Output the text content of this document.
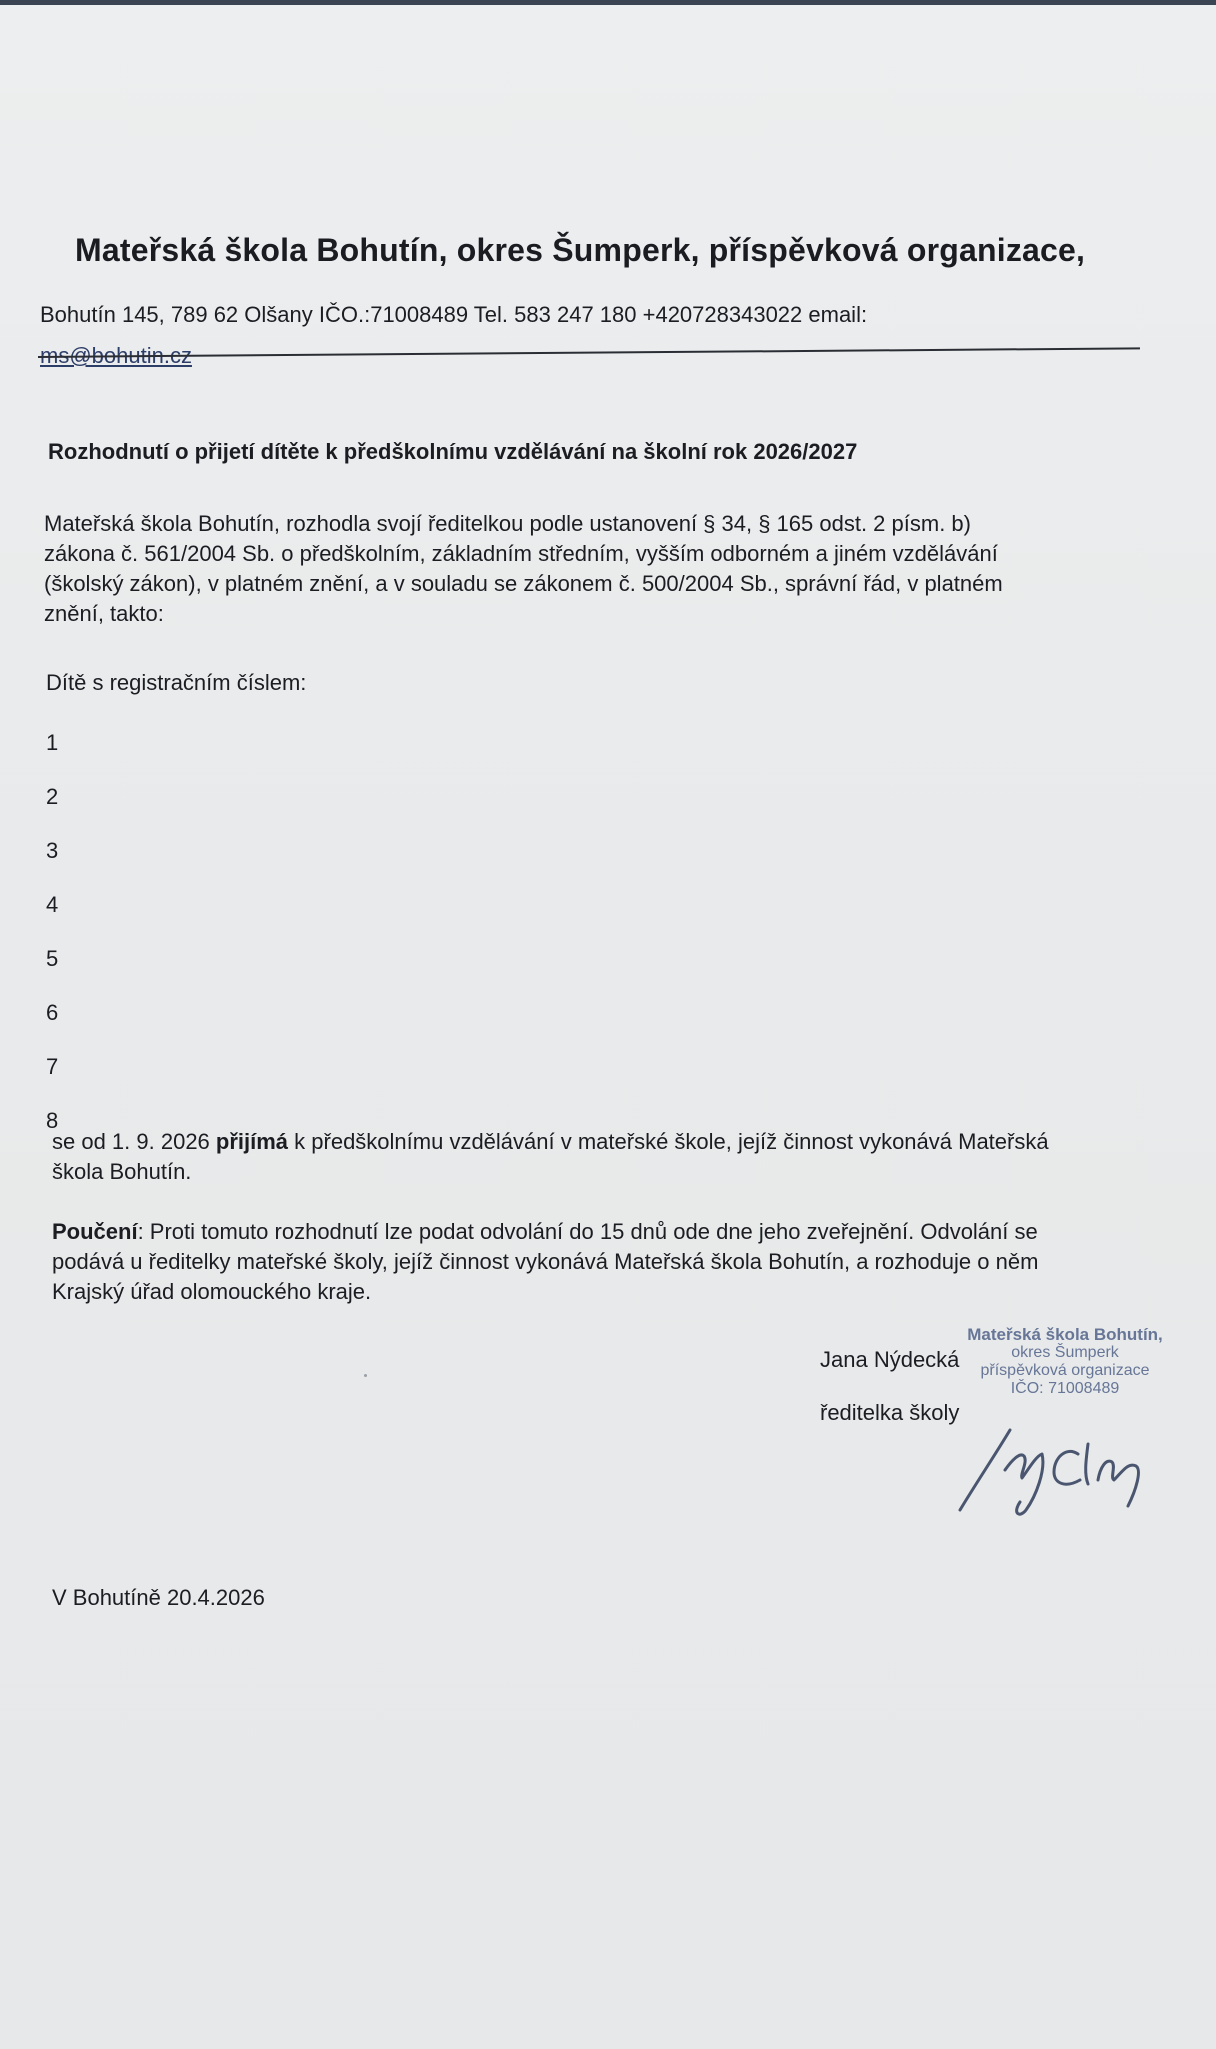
Mateřská škola Bohutín, okres Šumperk, příspěvková organizace,
Bohutín 145, 789 62 Olšany IČO.:71008489 Tel. 583 247 180 +420728343022 email:
ms@bohutin.cz
Rozhodnutí o přijetí dítěte k předškolnímu vzdělávání na školní rok 2026/2027

Mateřská škola Bohutín, rozhodla svojí ředitelkou podle ustanovení § 34, § 165 odst. 2 písm. b)

zákona č. 561/2004 Sb. o předškolním, základním středním, vyšším odborném a jiném vzdělávání

(školský zákon), v platném znění, a v souladu se zákonem č. 500/2004 Sb., správní řád, v platném

znění, takto:

Dítě s registračním číslem:
1
2
3
4
5
6
7
8

se od 1. 9. 2026 přijímá k předškolnímu vzdělávání v mateřské škole, jejíž činnost vykonává Mateřská

škola Bohutín.

Poučení: Proti tomuto rozhodnutí lze podat odvolání do 15 dnů ode dne jeho zveřejnění. Odvolání se

podává u ředitelky mateřské školy, jejíž činnost vykonává Mateřská škola Bohutín, a rozhoduje o něm

Krajský úřad olomouckého kraje.

Jana Nýdecká
ředitelka školy
Mateřská škola Bohutín,
okres Šumperk
příspěvková organizace
IČO: 71008489
V Bohutíně 20.4.2026
